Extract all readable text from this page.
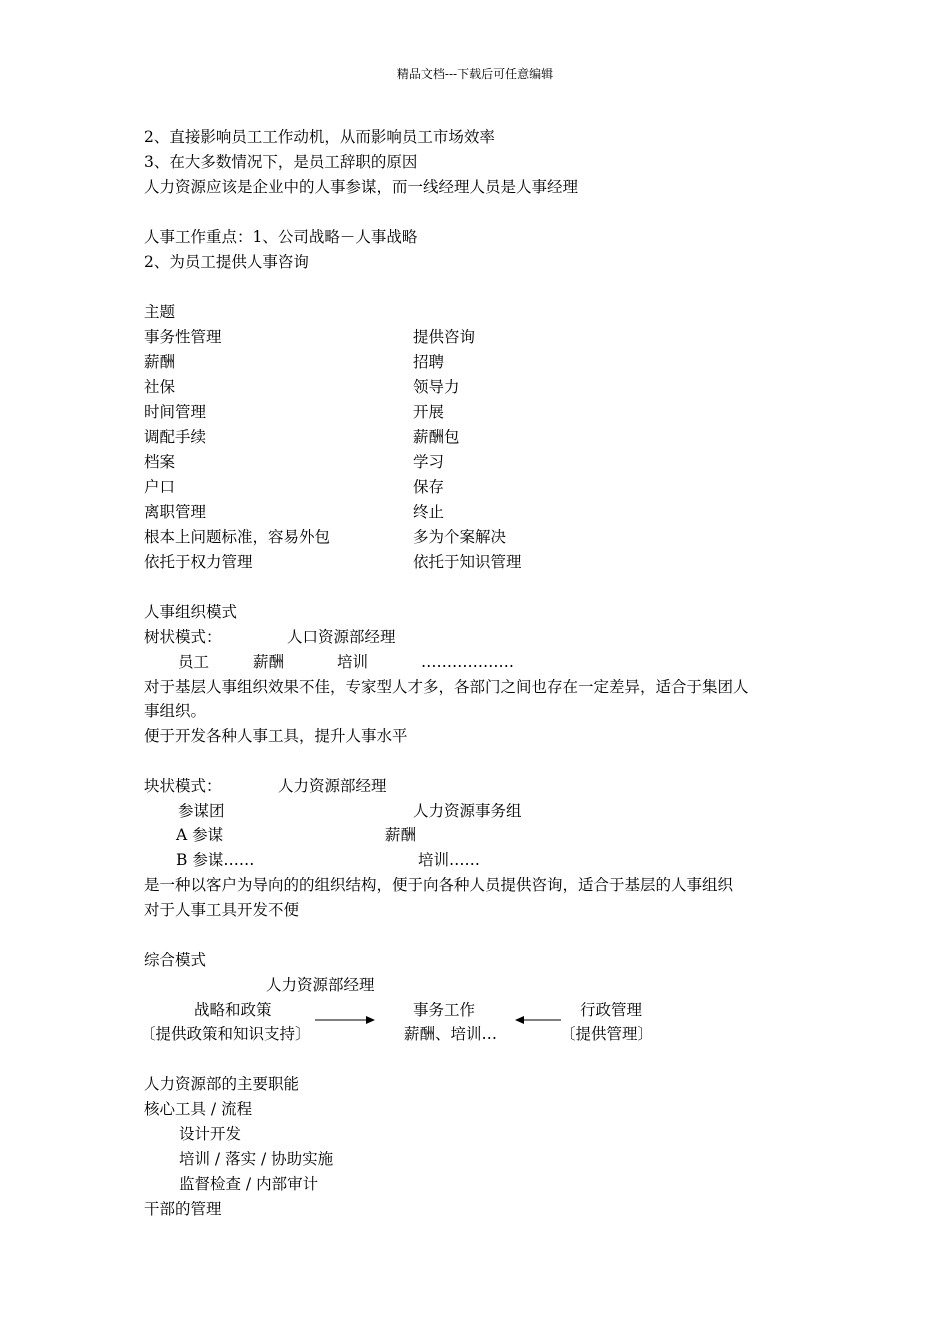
精品文档---下载后可任意编辑
2、直接影响员工工作动机，从而影响员工市场效率
3、在大多数情况下，是员工辞职的原因
人力资源应该是企业中的人事参谋，而一线经理人员是人事经理
人事工作重点：1、公司战略－人事战略
2、为员工提供人事咨询
主题
事务性管理	提供咨询
薪酬	招聘
社保	领导力
时间管理	开展
调配手续	薪酬包
档案	学习
户口	保存
离职管理	终止
根本上问题标准，容易外包	多为个案解决
依托于权力管理	依托于知识管理
人事组织模式
树状模式：	人口资源部经理
员工	薪酬	培训	………………
对于基层人事组织效果不佳，专家型人才多，各部门之间也存在一定差异，适合于集团人
事组织。
便于开发各种人事工具，提升人事水平
块状模式：	人力资源部经理
参谋团	人力资源事务组
A 参谋	薪酬
B 参谋……	培训……
是一种以客户为导向的的组织结构，便于向各种人员提供咨询，适合于基层的人事组织
对于人事工具开发不便
综合模式
人力资源部经理
战略和政策	事务工作	行政管理
〔提供政策和知识支持〕	薪酬、培训…	〔提供管理〕
人力资源部的主要职能
核心工具 / 流程
设计开发
培训 / 落实 / 协助实施
监督检查 / 内部审计
干部的管理
